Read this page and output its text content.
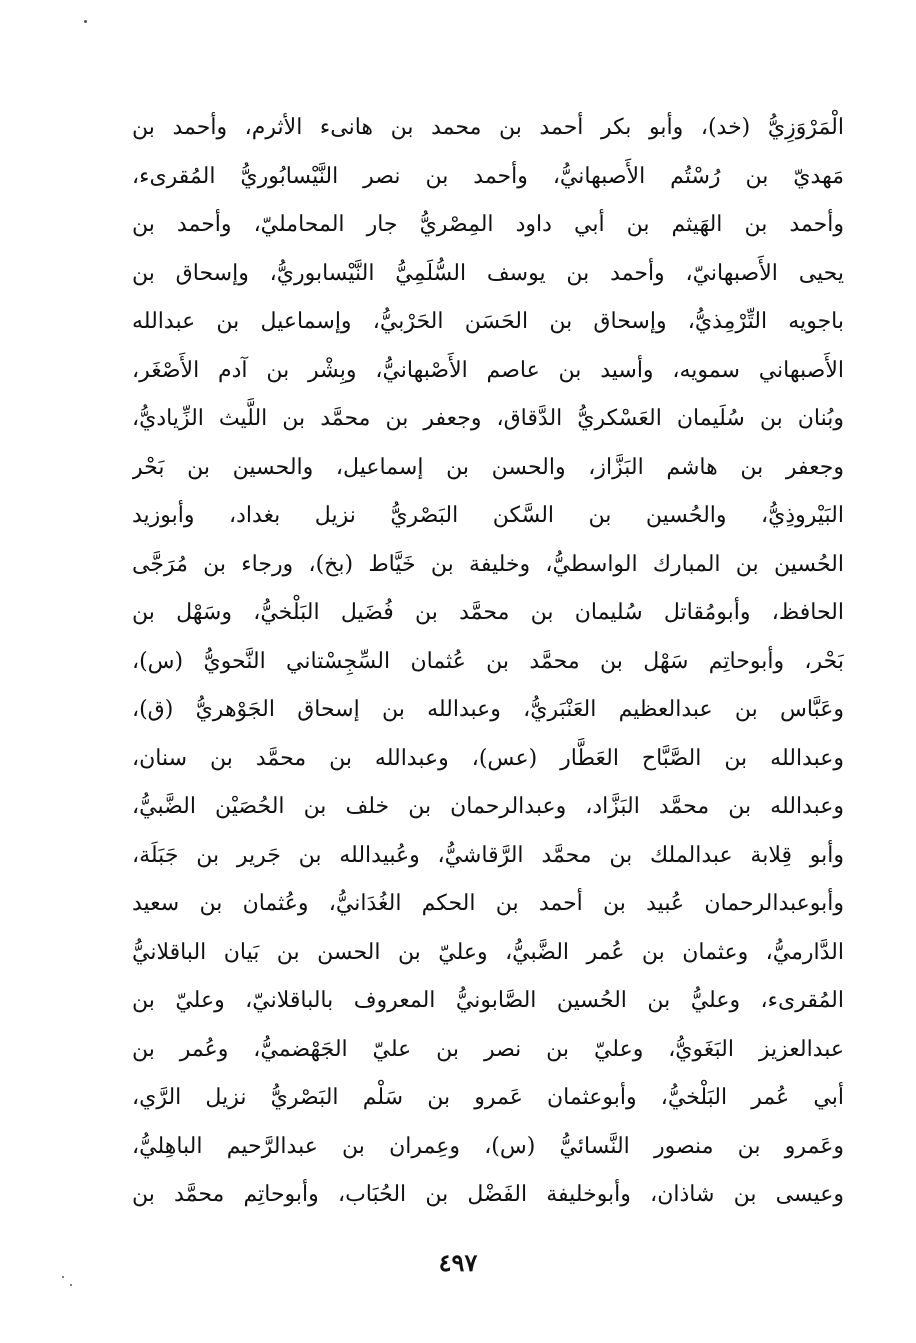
الْمَرْوَزِيُّ (خد)، وأبو بكر أحمد بن محمد بن هانىء الأثرم، وأحمد بن
مَهديّ بن رُسْتُم الأَصبهانيُّ، وأحمد بن نصر النَّيْسابُوريُّ المُقرىء،
وأحمد بن الهَيثم بن أبي داود المِصْريُّ جار المحامليّ، وأحمد بن
يحيى الأَصبهانيّ، وأحمد بن يوسف السُّلَمِيُّ النَّيْسابوريُّ، وإسحاق بن
باجويه التِّرْمِذيُّ، وإسحاق بن الحَسَن الحَرْبيُّ، وإسماعيل بن عبدالله
الأَصبهاني سمويه، وأسيد بن عاصم الأَصْبهانيُّ، وبِشْر بن آدم الأَصْغَر،
وبُنان بن سُلَيمان العَسْكريُّ الدَّقاق، وجعفر بن محمَّد بن اللَّيث الزِّياديُّ،
وجعفر بن هاشم البَزَّاز، والحسن بن إسماعيل، والحسين بن بَحْر
البَيْروذِيُّ، والحُسين بن السَّكن البَصْريُّ نزيل بغداد، وأبوزيد
الحُسين بن المبارك الواسطيُّ، وخليفة بن خَيَّاط (بخ)، ورجاء بن مُرَجَّى
الحافظ، وأبومُقاتل سُليمان بن محمَّد بن فُضَيل البَلْخيُّ، وسَهْل بن
بَحْر، وأبوحاتِم سَهْل بن محمَّد بن عُثمان السِّجِسْتاني النَّحويُّ (س)،
وعَبَّاس بن عبدالعظيم العَنْبَريُّ، وعبدالله بن إسحاق الجَوْهريُّ (ق)،
وعبدالله بن الصَّبَّاح العَطَّار (عس)، وعبدالله بن محمَّد بن سنان،
وعبدالله بن محمَّد البَزَّاد، وعبدالرحمان بن خلف بن الحُصَيْن الضَّبيُّ،
وأبو قِلابة عبدالملك بن محمَّد الرَّقاشيُّ، وعُبيدالله بن جَرير بن جَبَلَة،
وأبوعبدالرحمان عُبيد بن أحمد بن الحكم الغُدَانيُّ، وعُثمان بن سعيد
الدَّارميُّ، وعثمان بن عُمر الضَّبيُّ، وعليّ بن الحسن بن بَيان الباقلانيُّ
المُقرىء، وعليُّ بن الحُسين الصَّابونيُّ المعروف بالباقلانيّ، وعليّ بن
عبدالعزيز البَغَويُّ، وعليّ بن نصر بن عليّ الجَهْضميُّ، وعُمر بن
أبي عُمر البَلْخيُّ، وأبوعثمان عَمرو بن سَلْم البَصْريُّ نزيل الرَّي،
وعَمرو بن منصور النَّسائيُّ (س)، وعِمران بن عبدالرَّحيم الباهِليُّ،
وعيسى بن شاذان، وأبوخليفة الفَضْل بن الحُبَاب، وأبوحاتِم محمَّد بن
٤٩٧
